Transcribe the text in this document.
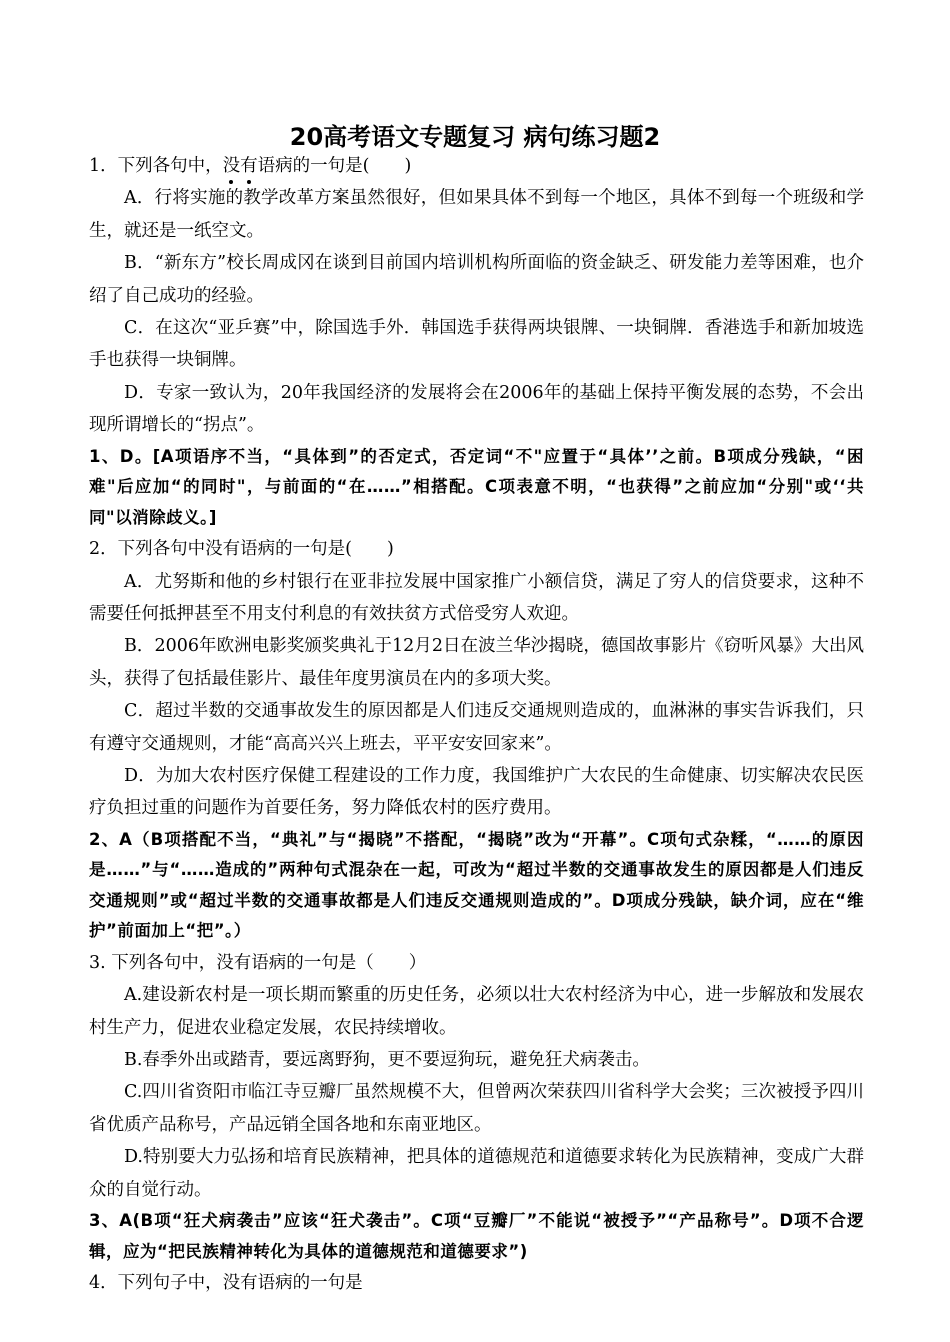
20高考语文专题复习 病句练习题2

1．下列各句中，没
有
语病的一句是(　　)

A．行将实施的教学改革方案虽然很好，但如果具体不到每一个地区，具体不到每一个班级和学生，就还是一纸空文。

B．“新东方”校长周成冈在谈到目前国内培训机构所面临的资金缺乏、研发能力差等困难，也介绍了自己成功的经验。

C．在这次“亚乒赛”中，除国选手外．韩国选手获得两块银牌、一块铜牌．香港选手和新加坡选手也获得一块铜牌。

D．专家一致认为，20年我国经济的发展将会在2006年的基础上保持平衡发展的态势，不会出现所谓增长的“拐点”。

1、D。[A项语序不当，“具体到”的否定式，否定词“不"应置于“具体’’之前。B项成分残缺，“困难"后应加“的同时"，与前面的“在……”相搭配。C项表意不明，“也获得”之前应加“分别"或‘‘共同"以消除歧义。]

2．下列各句中没有语病的一句是(　　)

A．尤努斯和他的乡村银行在亚非拉发展中国家推广小额信贷，满足了穷人的信贷要求，这种不需要任何抵押甚至不用支付利息的有效扶贫方式倍受穷人欢迎。

B．2006年欧洲电影奖颁奖典礼于12月2日在波兰华沙揭晓，德国故事影片《窃听风暴》大出风头，获得了包括最佳影片、最佳年度男演员在内的多项大奖。

C．超过半数的交通事故发生的原因都是人们违反交通规则造成的，血淋淋的事实告诉我们，只有遵守交通规则，才能“高高兴兴上班去，平平安安回家来”。

D．为加大农村医疗保健工程建设的工作力度，我国维护广大农民的生命健康、切实解决农民医疗负担过重的问题作为首要任务，努力降低农村的医疗费用。

2、A（B项搭配不当，“典礼”与“揭晓”不搭配，“揭晓”改为“开幕”。C项句式杂糅，“……的原因是……”与“……造成的”两种句式混杂在一起，可改为“超过半数的交通事故发生的原因都是人们违反交通规则”或“超过半数的交通事故都是人们违反交通规则造成的”。D项成分残缺，缺介词，应在“维护”前面加上“把”。）

3. 下列各句中，没有语病的一句是（　　）

A.建设新农村是一项长期而繁重的历史任务，必须以壮大农村经济为中心，进一步解放和发展农村生产力，促进农业稳定发展，农民持续增收。

B.春季外出或踏青，要远离野狗，更不要逗狗玩，避免狂犬病袭击。

C.四川省资阳市临江寺豆瓣厂虽然规模不大，但曾两次荣获四川省科学大会奖；三次被授予四川省优质产品称号，产品远销全国各地和东南亚地区。

D.特别要大力弘扬和培育民族精神，把具体的道德规范和道德要求转化为民族精神，变成广大群众的自觉行动。

3、A(B项“狂犬病袭击”应该“狂犬袭击”。C项“豆瓣厂”不能说“被授予”“产品称号”。D项不合逻辑，应为“把民族精神转化为具体的道德规范和道德要求”)

4．下列句子中，没有语病的一句是
